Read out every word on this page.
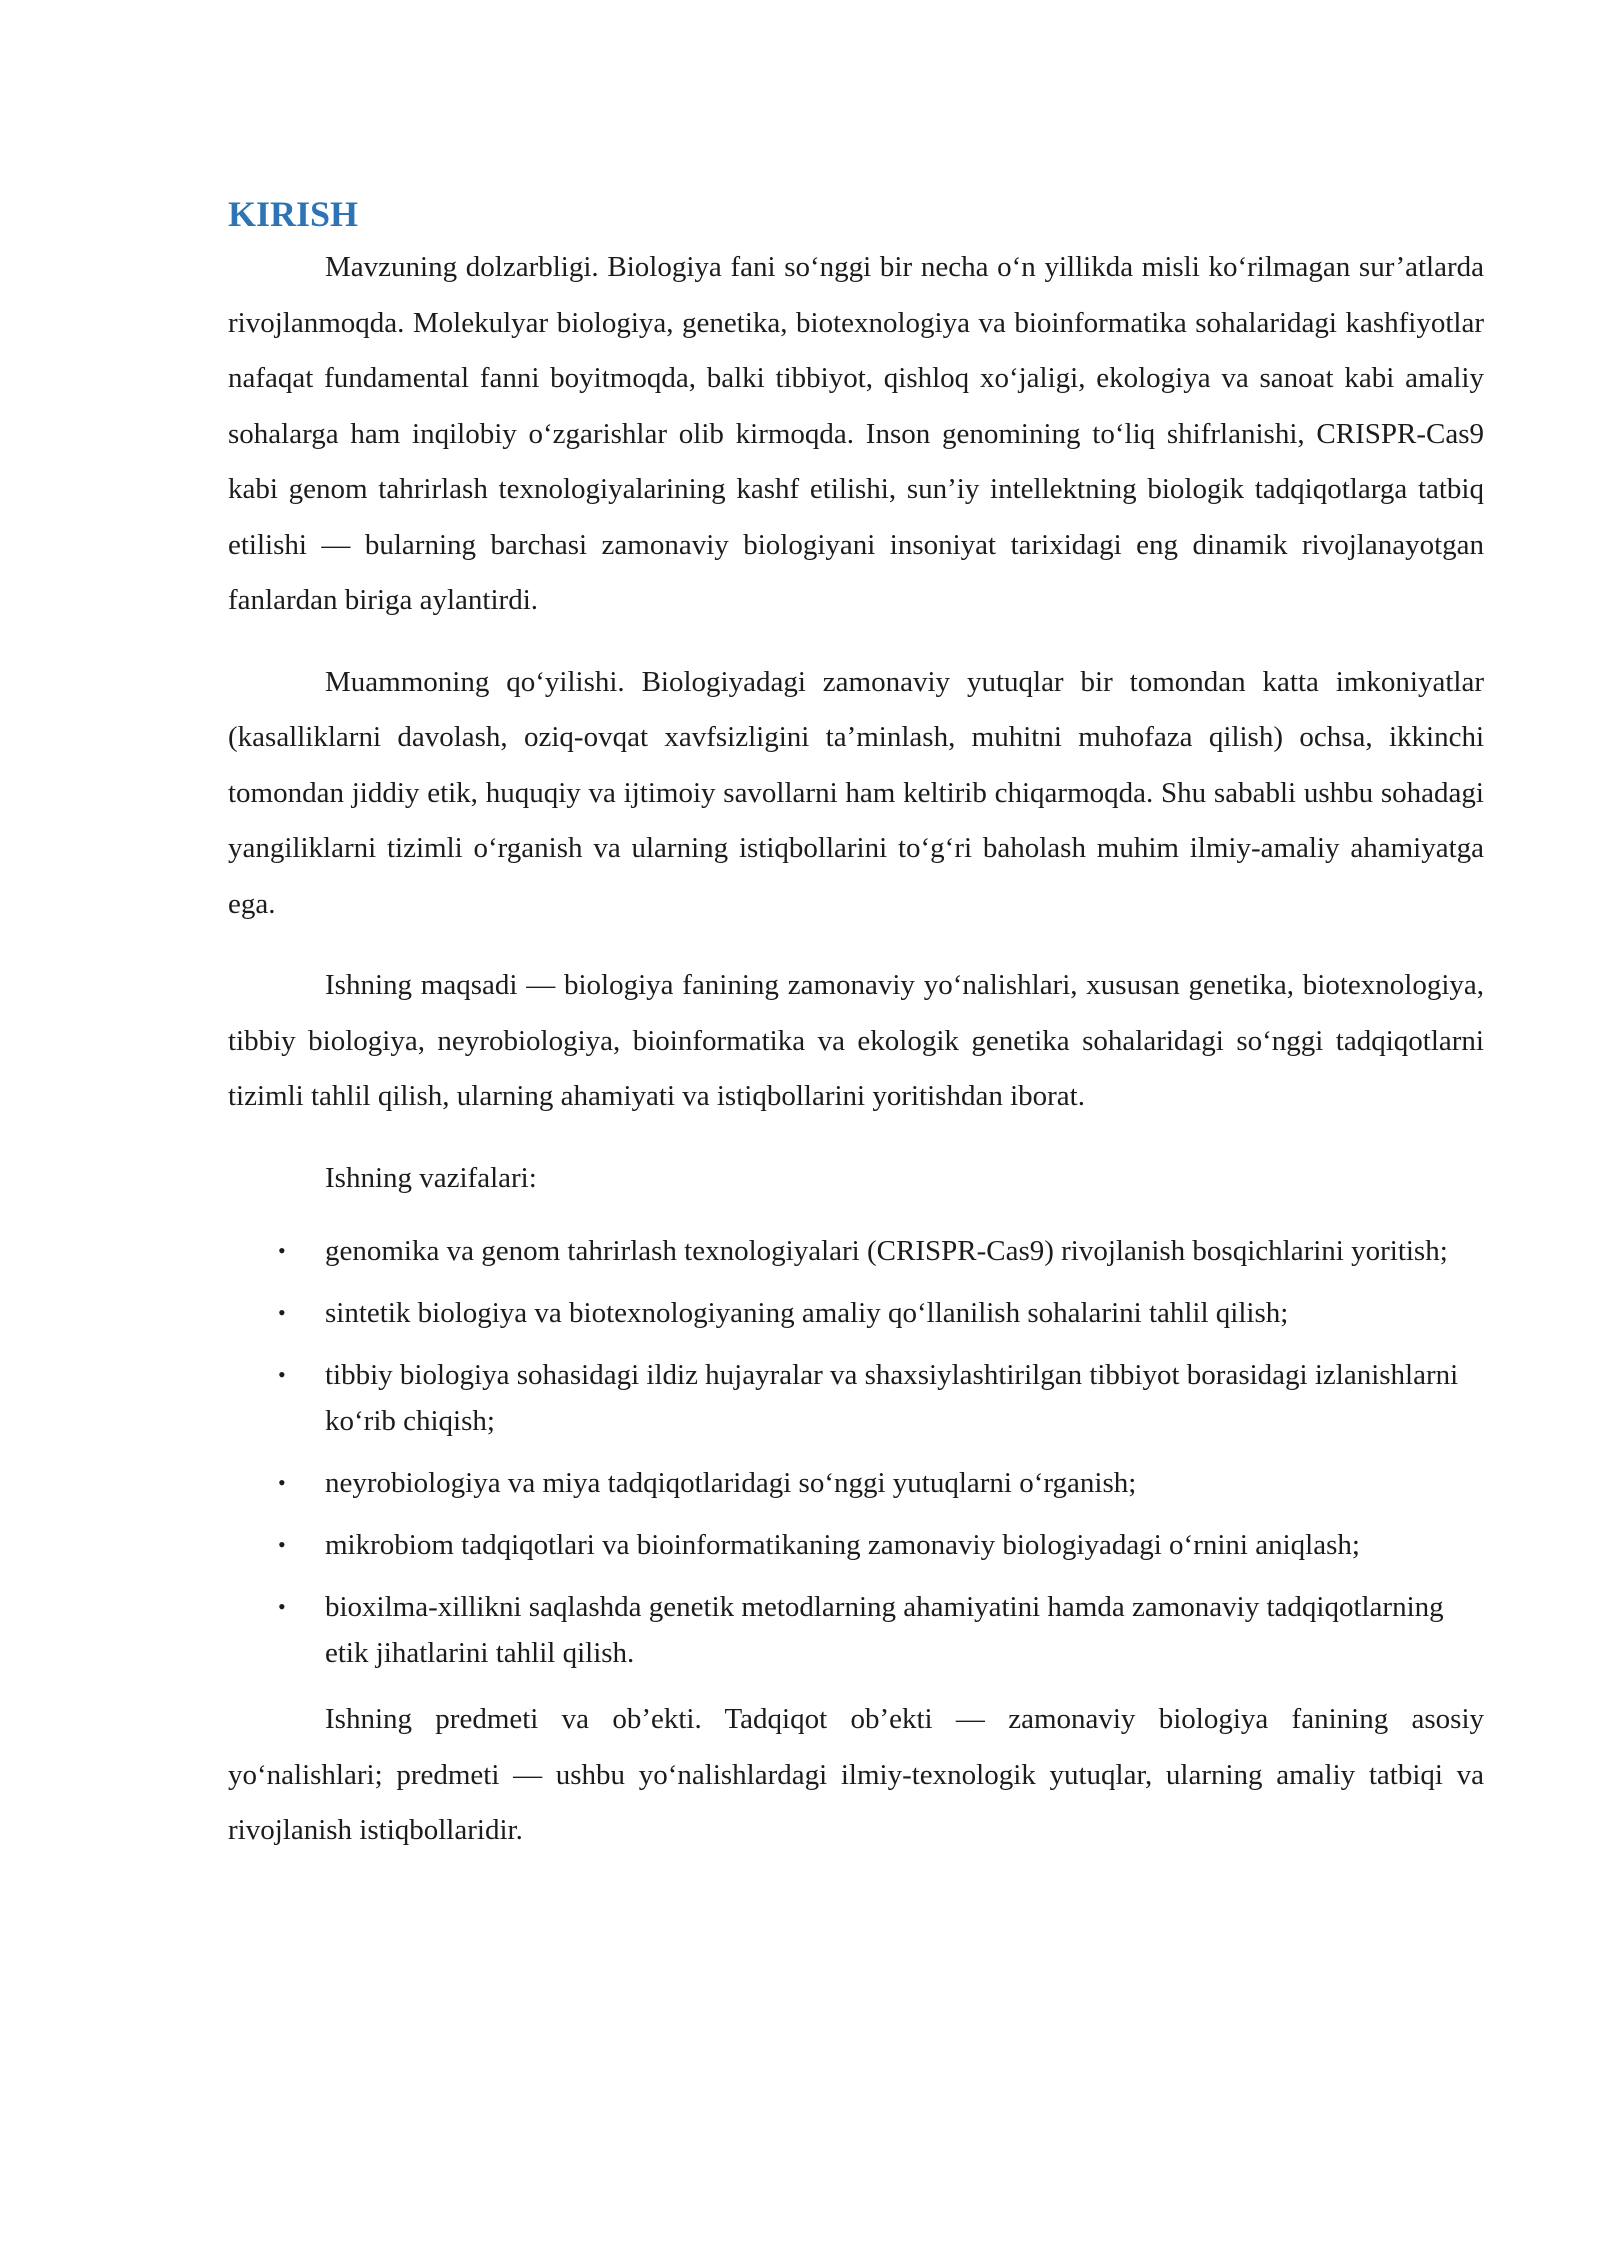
KIRISH

Mavzuning dolzarbligi. Biologiya fani so‘nggi bir necha o‘n yillikda misli ko‘rilmagan sur’atlarda rivojlanmoqda. Molekulyar biologiya, genetika, biotexnologiya va bioinformatika sohalaridagi kashfiyotlar nafaqat fundamental fanni boyitmoqda, balki tibbiyot, qishloq xo‘jaligi, ekologiya va sanoat kabi amaliy sohalarga ham inqilobiy o‘zgarishlar olib kirmoqda. Inson genomining to‘liq shifrlanishi, CRISPR-Cas9 kabi genom tahrirlash texnologiyalarining kashf etilishi, sun’iy intellektning biologik tadqiqotlarga tatbiq etilishi — bularning barchasi zamonaviy biologiyani insoniyat tarixidagi eng dinamik rivojlanayotgan fanlardan biriga aylantirdi.

Muammoning qo‘yilishi. Biologiyadagi zamonaviy yutuqlar bir tomondan katta imkoniyatlar (kasalliklarni davolash, oziq-ovqat xavfsizligini ta’minlash, muhitni muhofaza qilish) ochsa, ikkinchi tomondan jiddiy etik, huquqiy va ijtimoiy savollarni ham keltirib chiqarmoqda. Shu sababli ushbu sohadagi yangiliklarni tizimli o‘rganish va ularning istiqbollarini to‘g‘ri baholash muhim ilmiy-amaliy ahamiyatga ega.

Ishning maqsadi — biologiya fanining zamonaviy yo‘nalishlari, xususan genetika, biotexnologiya, tibbiy biologiya, neyrobiologiya, bioinformatika va ekologik genetika sohalaridagi so‘nggi tadqiqotlarni tizimli tahlil qilish, ularning ahamiyati va istiqbollarini yoritishdan iborat.

Ishning vazifalari:

• genomika va genom tahrirlash texnologiyalari (CRISPR-Cas9) rivojlanish bosqichlarini yoritish;
• sintetik biologiya va biotexnologiyaning amaliy qo‘llanilish sohalarini tahlil qilish;
• tibbiy biologiya sohasidagi ildiz hujayralar va shaxsiylashtirilgan tibbiyot borasidagi izlanishlarni ko‘rib chiqish;
• neyrobiologiya va miya tadqiqotlaridagi so‘nggi yutuqlarni o‘rganish;
• mikrobiom tadqiqotlari va bioinformatikaning zamonaviy biologiyadagi o‘rnini aniqlash;
• bioxilma-xillikni saqlashda genetik metodlarning ahamiyatini hamda zamonaviy tadqiqotlarning etik jihatlarini tahlil qilish.

Ishning predmeti va ob’ekti. Tadqiqot ob’ekti — zamonaviy biologiya fanining asosiy yo‘nalishlari; predmeti — ushbu yo‘nalishlardagi ilmiy-texnologik yutuqlar, ularning amaliy tatbiqi va rivojlanish istiqbollaridir.
